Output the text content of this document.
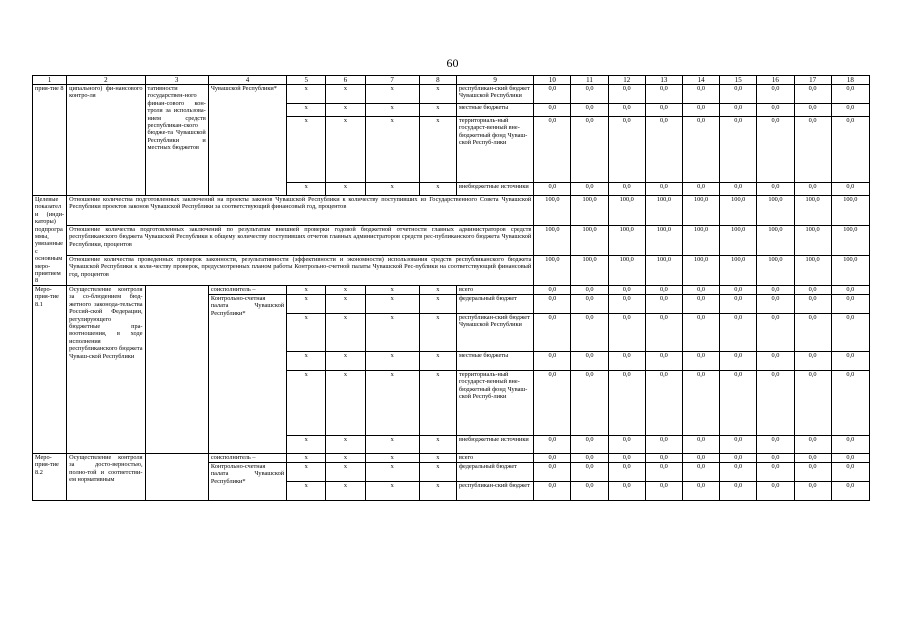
60
1	2	3	4	5	6	7	8	9	10	11	12	13	14	15	16	17	18
прия-тие 8	ципального) фи-нансового контро-ля	тативности государствен-ного финан-сового кон-троля за использова-нием средств республикан-ского бюдже-та Чувашской Республики и местных бюджетов	Чувашской Республики*	x	x	x	x	республикан-ский бюджет Чувашской Республики	0,0	0,0	0,0	0,0	0,0	0,0	0,0	0,0	0,0
				x	x	x	x	местные бюджеты	0,0	0,0	0,0	0,0	0,0	0,0	0,0	0,0	0,0
				x	x	x	x	территориаль-ный государст-венный вне-бюджетный фонд Чуваш-ской Респуб-лики	0,0	0,0	0,0	0,0	0,0	0,0	0,0	0,0	0,0
				x	x	x	x	внебюджетные источники	0,0	0,0	0,0	0,0	0,0	0,0	0,0	0,0	0,0
Целевые показатели (инди-каторы) подпрограммы, увязанные с основным меро-приятием 8	Отношение количества подготовленных заключений на проекты законов Чувашской Республики к количеству поступивших из Государственного Совета Чувашской Республики проектов законов Чувашской Республики за соответствующий финансовый год, процентов								100,0	100,0	100,0	100,0	100,0	100,0	100,0	100,0	100,0
	Отношение количества подготовленных заключений по результатам внешней проверки годовой бюджетной отчетности главных администраторов средств республиканского бюджета Чувашской Республики к общему количеству поступивших отчетов главных администраторов средств рес-публиканского бюджета Чувашской Республики, процентов								100,0	100,0	100,0	100,0	100,0	100,0	100,0	100,0	100,0
	Отношение количества проведенных проверок законности, результативности (эффективности и экономности) использования средств республиканского бюджета Чувашской Республики к коли-честву проверок, предусмотренных планом работы Контрольно-счетной палаты Чувашской Рес-публики на соответствующий финансовый год, процентов								100,0	100,0	100,0	100,0	100,0	100,0	100,0	100,0	100,0
Меро-прия-тие 8.1	Осуществление контроля за со-блюдением бюд-жетного законода-тельства Россий-ской Федерации, регулирующего бюджетные пра-воотношения, в ходе исполнения республиканского бюджета Чуваш-ской Республики		соисполнитель –	x	x	x	x	всего	0,0	0,0	0,0	0,0	0,0	0,0	0,0	0,0	0,0
			Контрольно-счетная палата Чувашской Республики*	x	x	x	x	федеральный бюджет	0,0	0,0	0,0	0,0	0,0	0,0	0,0	0,0	0,0
				x	x	x	x	республикан-ский бюджет Чувашской Республики	0,0	0,0	0,0	0,0	0,0	0,0	0,0	0,0	0,0
				x	x	x	x	местные бюджеты	0,0	0,0	0,0	0,0	0,0	0,0	0,0	0,0	0,0
				x	x	x	x	территориаль-ный государст-венный вне-бюджетный фонд Чуваш-ской Респуб-лики	0,0	0,0	0,0	0,0	0,0	0,0	0,0	0,0	0,0
				x	x	x	x	внебюджетные источники	0,0	0,0	0,0	0,0	0,0	0,0	0,0	0,0	0,0
Меро-прия-тие 8.2	Осуществление контроля за досто-верностью, полно-той и соответстви-ем нормативным		соисполнитель –	x	x	x	x	всего	0,0	0,0	0,0	0,0	0,0	0,0	0,0	0,0	0,0
			Контрольно-счетная палата Чувашской Республики*	x	x	x	x	федеральный бюджет	0,0	0,0	0,0	0,0	0,0	0,0	0,0	0,0	0,0
				x	x	x	x	республикан-ский бюджет	0,0	0,0	0,0	0,0	0,0	0,0	0,0	0,0	0,0
